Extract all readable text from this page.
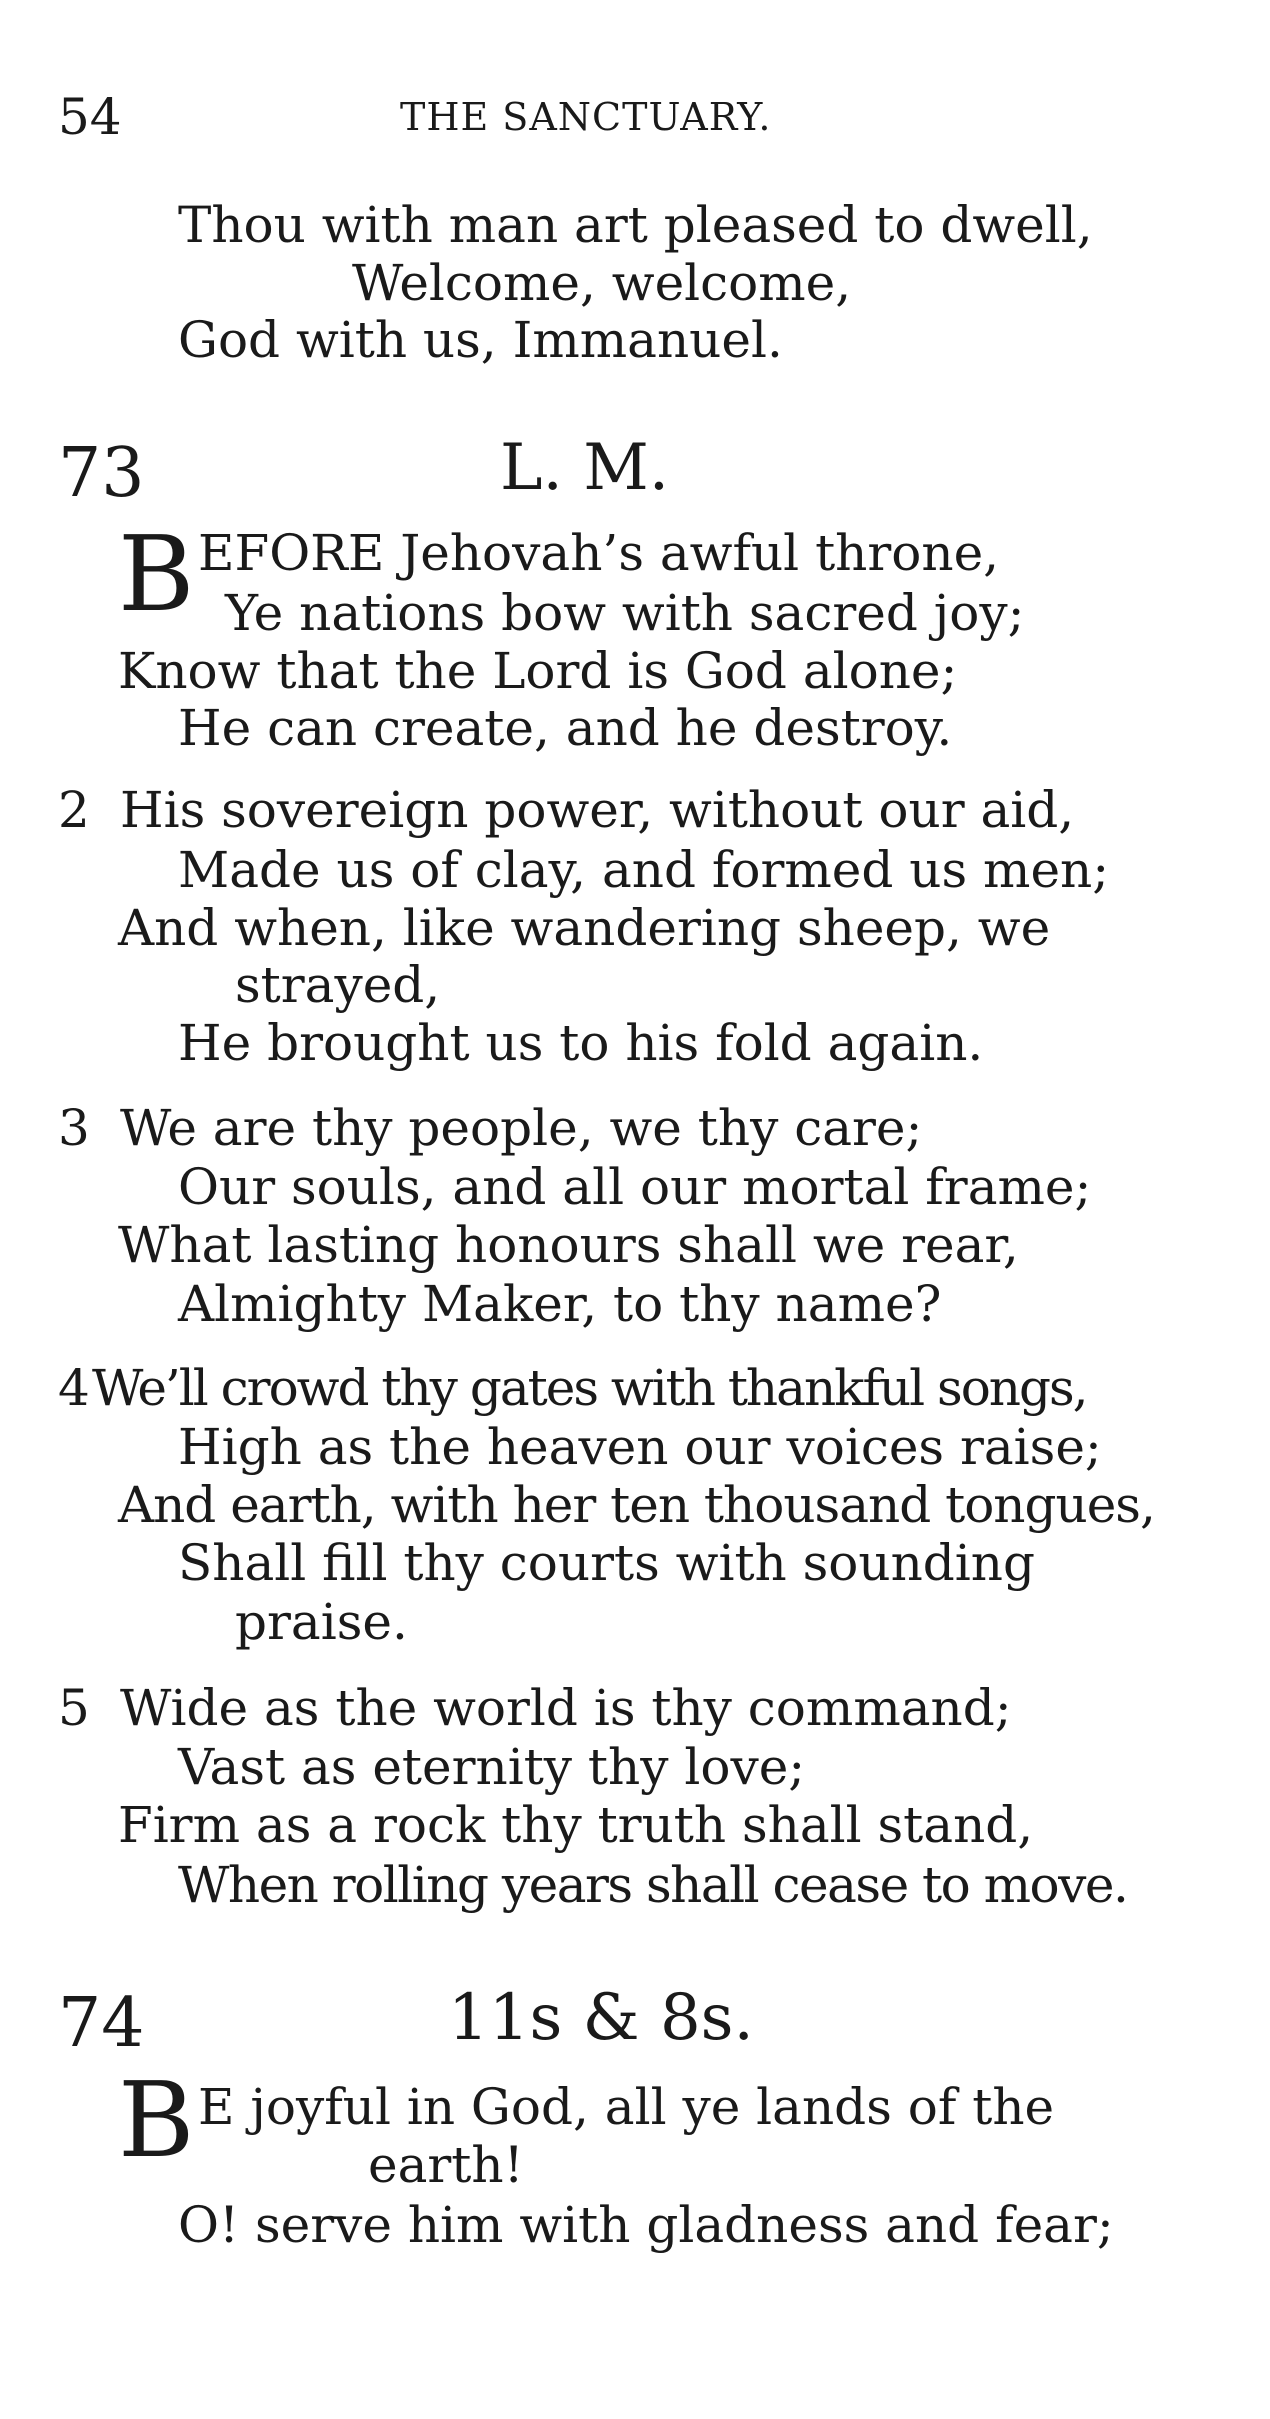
54	THE SANCTUARY.
Thou with man art pleased to dwell,
Welcome, welcome,
God with us, Immanuel.
73	L. M.
B EFORE Jehovah’s awful throne,
Ye nations bow with sacred joy;
Know that the Lord is God alone;
He can create, and he destroy.
2 His sovereign power, without our aid,
Made us of clay, and formed us men;
And when, like wandering sheep, we
strayed,
He brought us to his fold again.
3 We are thy people, we thy care;
Our souls, and all our mortal frame;
What lasting honours shall we rear,
Almighty Maker, to thy name?
4 We’ll crowd thy gates with thankful songs,
High as the heaven our voices raise;
And earth, with her ten thousand tongues,
Shall fill thy courts with sounding
praise.
5 Wide as the world is thy command;
Vast as eternity thy love;
Firm as a rock thy truth shall stand,
When rolling years shall cease to move.
74	11s & 8s.
B E joyful in God, all ye lands of the
earth!
O! serve him with gladness and fear;
